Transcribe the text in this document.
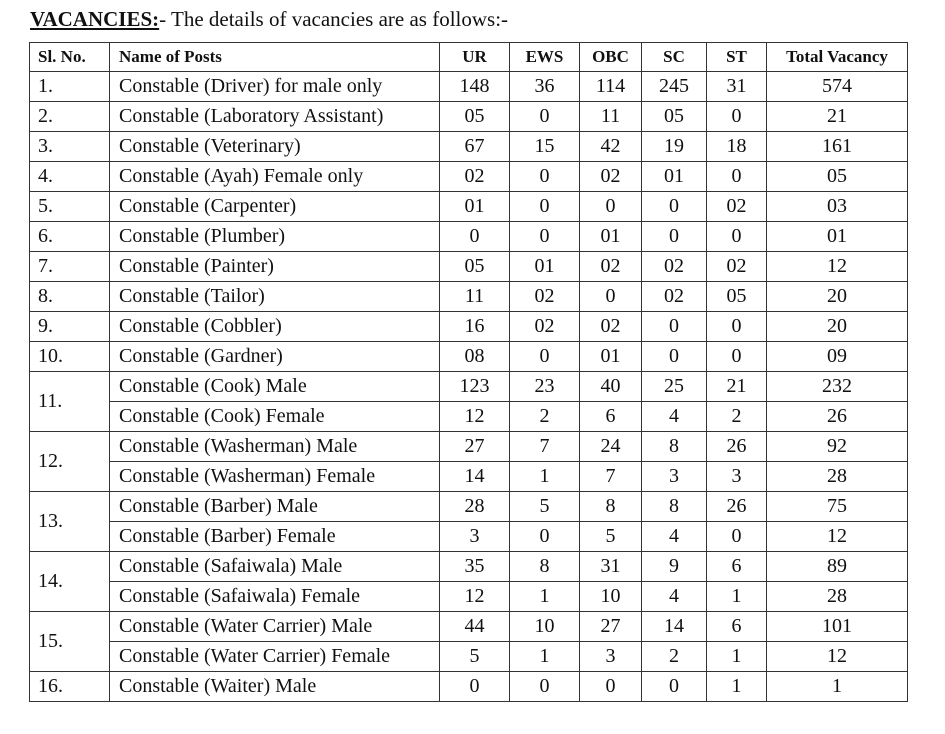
VACANCIES:- The details of vacancies are as follows:-
Sl. No.	Name of Posts	UR	EWS	OBC	SC	ST	Total Vacancy
1.	Constable (Driver) for male only	148	36	114	245	31	574
2.	Constable (Laboratory Assistant)	05	0	11	05	0	21
3.	Constable (Veterinary)	67	15	42	19	18	161
4.	Constable (Ayah) Female only	02	0	02	01	0	05
5.	Constable (Carpenter)	01	0	0	0	02	03
6.	Constable (Plumber)	0	0	01	0	0	01
7.	Constable (Painter)	05	01	02	02	02	12
8.	Constable (Tailor)	11	02	0	02	05	20
9.	Constable (Cobbler)	16	02	02	0	0	20
10.	Constable (Gardner)	08	0	01	0	0	09
11.	Constable (Cook) Male	123	23	40	25	21	232
	Constable (Cook) Female	12	2	6	4	2	26
12.	Constable (Washerman) Male	27	7	24	8	26	92
	Constable (Washerman) Female	14	1	7	3	3	28
13.	Constable (Barber) Male	28	5	8	8	26	75
	Constable (Barber) Female	3	0	5	4	0	12
14.	Constable (Safaiwala) Male	35	8	31	9	6	89
	Constable (Safaiwala) Female	12	1	10	4	1	28
15.	Constable (Water Carrier) Male	44	10	27	14	6	101
	Constable (Water Carrier) Female	5	1	3	2	1	12
16.	Constable (Waiter) Male	0	0	0	0	1	1
